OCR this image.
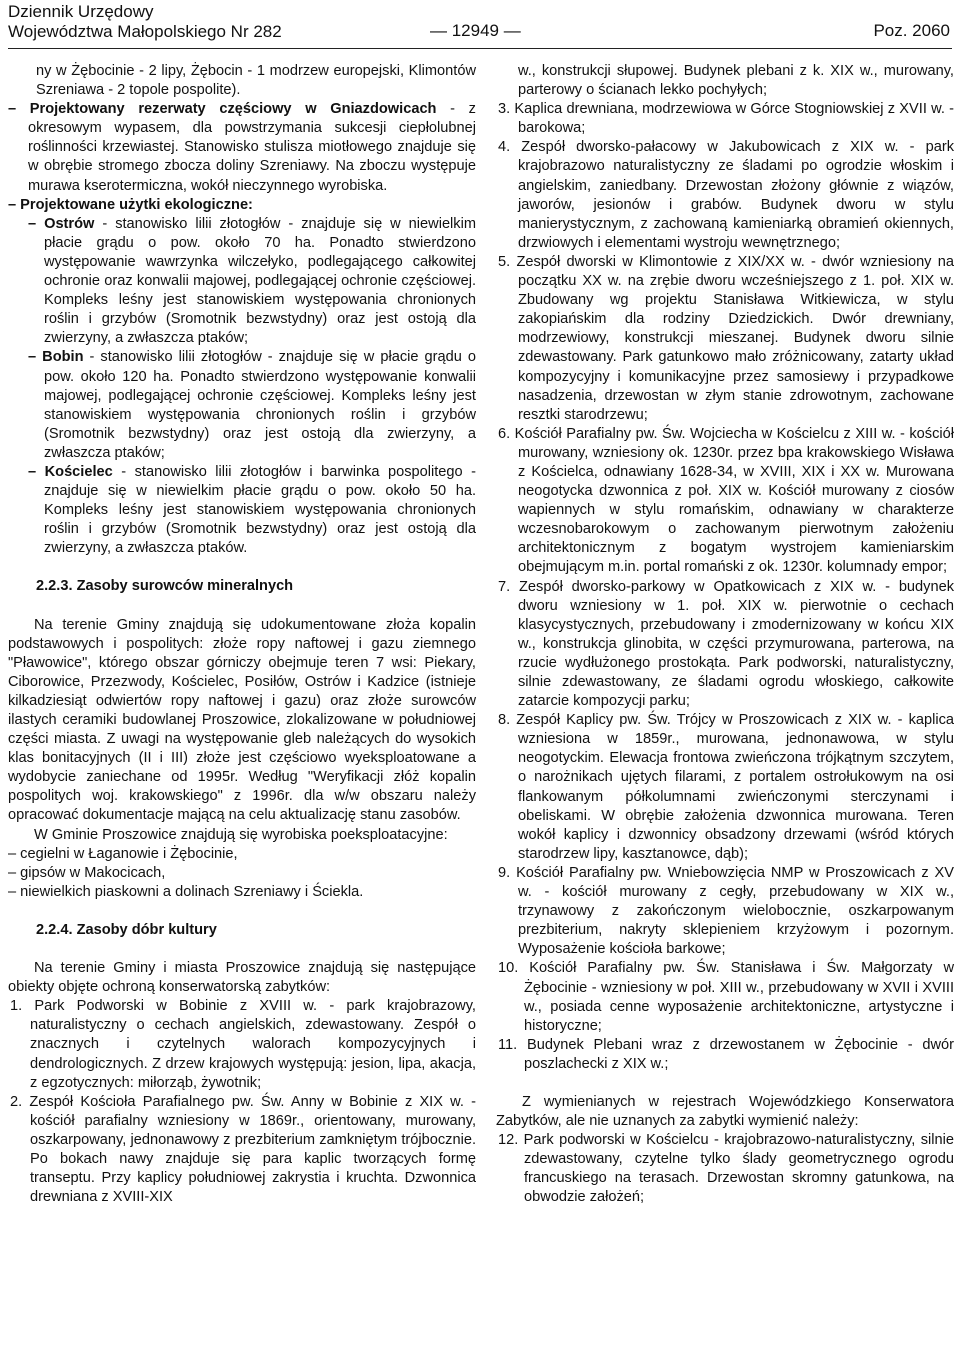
Dziennik Urzędowy
Województwa Małopolskiego Nr 282	— 12949 —	Poz. 2060

ny w Żębocinie - 2 lipy, Żębocin - 1 modrzew europejski, Klimontów Szreniawa - 2 topole pospolite).

– Projektowany rezerwaty częściowy w Gniazdowicach - z okresowym wypasem, dla powstrzymania sukcesji ciepłolubnej roślinności krzewiastej. Stanowisko stulisza miotłowego znajduje się w obrębie stromego zbocza doliny Szreniawy. Na zboczu występuje murawa kserotermiczna, wokół nieczynnego wyrobiska.

– Projektowane użytki ekologiczne:

– Ostrów - stanowisko lilii złotogłów - znajduje się w niewielkim płacie grądu o pow. około 70 ha. Ponadto stwierdzono występowanie wawrzynka wilczełyko, podlegającego całkowitej ochronie oraz konwalii majowej, podlegającej ochronie częściowej. Kompleks leśny jest stanowiskiem występowania chronionych roślin i grzybów (Sromotnik bezwstydny) oraz jest ostoją dla zwierzyny, a zwłaszcza ptaków;

– Bobin - stanowisko lilii złotogłów - znajduje się w płacie grądu o pow. około 120 ha. Ponadto stwierdzono występowanie konwalii majowej, podlegającej ochronie częściowej. Kompleks leśny jest stanowiskiem występowania chronionych roślin i grzybów (Sromotnik bezwstydny) oraz jest ostoją dla zwierzyny, a zwłaszcza ptaków;

– Kościelec - stanowisko lilii złotogłów i barwinka pospolitego - znajduje się w niewielkim płacie grądu o pow. około 50 ha. Kompleks leśny jest stanowiskiem występowania chronionych roślin i grzybów (Sromotnik bezwstydny) oraz jest ostoją dla zwierzyny, a zwłaszcza ptaków.

2.2.3. Zasoby surowców mineralnych

Na terenie Gminy znajdują się udokumentowane złoża kopalin podstawowych i pospolitych: złoże ropy naftowej i gazu ziemnego "Pławowice", którego obszar górniczy obejmuje teren 7 wsi: Piekary, Ciborowice, Przezwody, Kościelec, Posiłów, Ostrów i Kadzice (istnieje kilkadziesiąt odwiertów ropy naftowej i gazu) oraz złoże surowców ilastych ceramiki budowlanej Proszowice, zlokalizowane w południowej części miasta. Z uwagi na występowanie gleb należących do wysokich klas bonitacyjnych (II i III) złoże jest częściowo wyeksploatowane a wydobycie zaniechane od 1995r. Według "Weryfikacji złóż kopalin pospolitych woj. krakowskiego" z 1996r. dla w/w obszaru należy opracować dokumentacje mającą na celu aktualizację stanu zasobów.

W Gminie Proszowice znajdują się wyrobiska poeksploatacyjne:

– cegielni w Łaganowie i Żębocinie,

– gipsów w Makocicach,

– niewielkich piaskowni a dolinach Szreniawy i Ściekla.

2.2.4. Zasoby dóbr kultury

Na terenie Gminy i miasta Proszowice znajdują się następujące obiekty objęte ochroną konserwatorską zabytków:

1. Park Podworski w Bobinie z XVIII w. - park krajobrazowy, naturalistyczny o cechach angielskich, zdewastowany. Zespół o znacznych i czytelnych walorach kompozycyjnych i dendrologicznych. Z drzew krajowych występują: jesion, lipa, akacja, z egzotycznych: miłorząb, żywotnik;

2. Zespół Kościoła Parafialnego pw. Św. Anny w Bobinie z XIX w. - kościół parafialny wzniesiony w 1869r., orientowany, murowany, oszkarpowany, jednonawowy z prezbiterium zamkniętym trójbocznie. Po bokach nawy znajduje się para kaplic tworzących formę transeptu. Przy kaplicy południowej zakrystia i kruchta. Dzwonnica drewniana z XVIII-XIX

w., konstrukcji słupowej. Budynek plebani z k. XIX w., murowany, parterowy o ścianach lekko pochyłych;

3. Kaplica drewniana, modrzewiowa w Górce Stogniowskiej z XVII w. - barokowa;

4. Zespół dworsko-pałacowy w Jakubowicach z XIX w. - park krajobrazowo naturalistyczny ze śladami po ogrodzie włoskim i angielskim, zaniedbany. Drzewostan złożony głównie z wiązów, jaworów, jesionów i grabów. Budynek dworu w stylu manierystycznym, z zachowaną kamieniarką obramień okiennych, drzwiowych i elementami wystroju wewnętrznego;

5. Zespół dworski w Klimontowie z XIX/XX w. - dwór wzniesiony na początku XX w. na zrębie dworu wcześniejszego z 1. poł. XIX w. Zbudowany wg projektu Stanisława Witkiewicza, w stylu zakopiańskim dla rodziny Dziedzickich. Dwór drewniany, modrzewiowy, konstrukcji mieszanej. Budynek dworu silnie zdewastowany. Park gatunkowo mało zróżnicowany, zatarty układ kompozycyjny i komunikacyjne przez samosiewy i przypadkowe nasadzenia, drzewostan w złym stanie zdrowotnym, zachowane resztki starodrzewu;

6. Kościół Parafialny pw. Św. Wojciecha w Kościelcu z XIII w. - kościół murowany, wzniesiony ok. 1230r. przez bpa krakowskiego Wisława z Kościelca, odnawiany 1628-34, w XVIII, XIX i XX w. Murowana neogotycka dzwonnica z poł. XIX w. Kościół murowany z ciosów wapiennych w stylu romańskim, odnawiany w charakterze wczesnobarokowym o zachowanym pierwotnym założeniu architektonicznym z bogatym wystrojem kamieniarskim obejmującym m.in. portal romański z ok. 1230r. kolumnady empor;

7. Zespół dworsko-parkowy w Opatkowicach z XIX w. - budynek dworu wzniesiony w 1. poł. XIX w. pierwotnie o cechach klasycystycznych, przebudowany i zmodernizowany w końcu XIX w., konstrukcja glinobita, w części przymurowana, parterowa, na rzucie wydłużonego prostokąta. Park podworski, naturalistyczny, silnie zdewastowany, ze śladami ogrodu włoskiego, całkowite zatarcie kompozycji parku;

8. Zespół Kaplicy pw. Św. Trójcy w Proszowicach z XIX w. - kaplica wzniesiona w 1859r., murowana, jednonawowa, w stylu neogotyckim. Elewacja frontowa zwieńczona trójkątnym szczytem, o narożnikach ujętych filarami, z portalem ostrołukowym na osi flankowanym półkolumnami zwieńczonymi sterczynami i obeliskami. W obrębie założenia dzwonnica murowana. Teren wokół kaplicy i dzwonnicy obsadzony drzewami (wśród których starodrzew lipy, kasztanowce, dąb);

9. Kościół Parafialny pw. Wniebowzięcia NMP w Proszowicach z XV w. - kościół murowany z cegły, przebudowany w XIX w., trzynawowy z zakończonym wielobocznie, oszkarpowanym prezbiterium, nakryty sklepieniem krzyżowym i pozornym. Wyposażenie kościoła barkowe;

10. Kościół Parafialny pw. Św. Stanisława i Św. Małgorzaty w Żębocinie - wzniesiony w poł. XIII w., przebudowany w XVII i XVIII w., posiada cenne wyposażenie architektoniczne, artystyczne i historyczne;

11. Budynek Plebani wraz z drzewostanem w Żębocinie - dwór poszlachecki z XIX w.;

Z wymienianych w rejestrach Wojewódzkiego Konserwatora Zabytków, ale nie uznanych za zabytki wymienić należy:

12. Park podworski w Kościelcu - krajobrazowo-naturalistyczny, silnie zdewastowany, czytelne tylko ślady geometrycznego ogrodu francuskiego na terasach. Drzewostan skromny gatunkowa, na obwodzie założeń;
